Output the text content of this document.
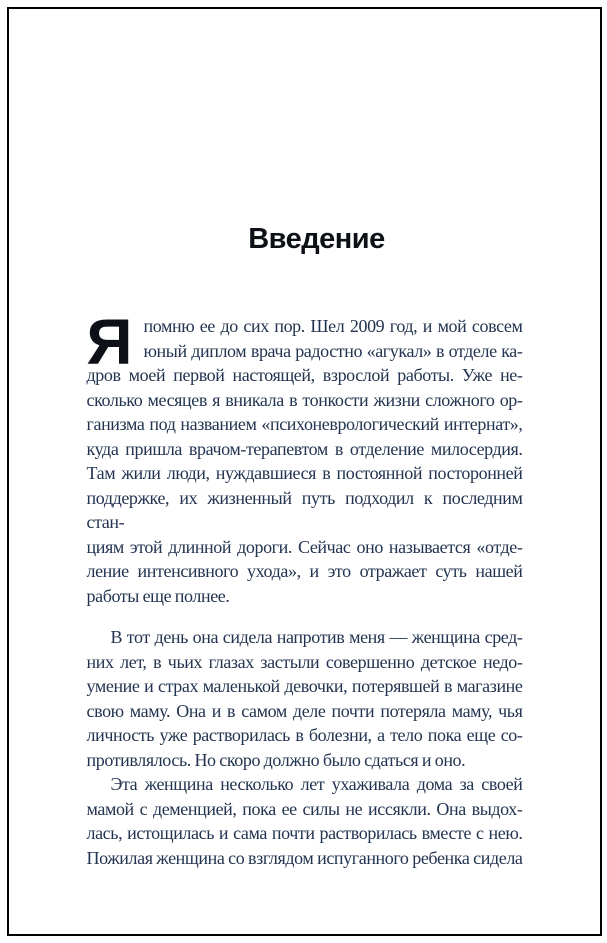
Введение
Я помню ее до сих пор. Шел 2009 год, и мой совсем
юный диплом врача радостно «агукал» в отделе ка-
дров моей первой настоящей, взрослой работы. Уже не-
сколько месяцев я вникала в тонкости жизни сложного ор-
ганизма под названием «психоневрологический интернат»,
куда пришла врачом-терапевтом в отделение милосердия.
Там жили люди, нуждавшиеся в постоянной посторонней
поддержке, их жизненный путь подходил к последним стан-
циям этой длинной дороги. Сейчас оно называется «отде-
ление интенсивного ухода», и это отражает суть нашей
работы еще полнее.
В тот день она сидела напротив меня — женщина сред-
них лет, в чьих глазах застыли совершенно детское недо-
умение и страх маленькой девочки, потерявшей в магазине
свою маму. Она и в самом деле почти потеряла маму, чья
личность уже растворилась в болезни, а тело пока еще со-
противлялось. Но скоро должно было сдаться и оно.
Эта женщина несколько лет ухаживала дома за своей
мамой с деменцией, пока ее силы не иссякли. Она выдох-
лась, истощилась и сама почти растворилась вместе с нею.
Пожилая женщина со взглядом испуганного ребенка сидела
